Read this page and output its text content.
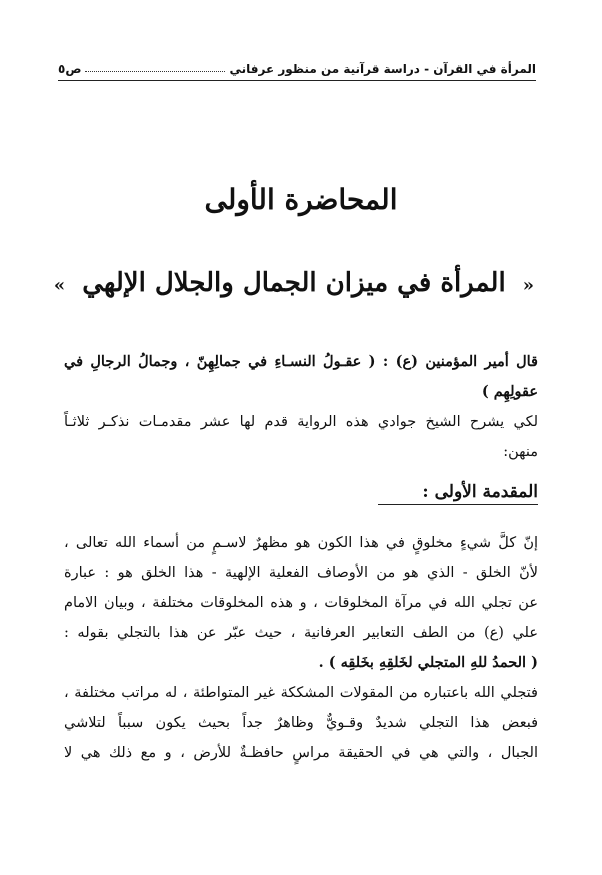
المرأة في القرآن - دراسة قرآنية من منظور عرفاني
ص٥
المحاضرة الأولى
« المرأة في ميزان الجمال والجلال الإلهي »
قال أمير المؤمنين (ع) : ( عقـولُ النسـاءِ في جمالِهِنّ ، وجمالُ الرجالِ في
عقولِهِم )
لكي يشرح الشيخ جوادي هذه الرواية قدم لها عشر مقدمـات نذكـر ثلاثـاً
منهن:
المقدمة الأولى :
إنّ كلَّ شيءٍ مخلوقٍ في هذا الكون هو مظهرٌ لاسـمٍ من أسماء الله تعالى ،
لأنّ الخلق - الذي هو من الأوصاف الفعلية الإلهية - هذا الخلق هو : عبارة
عن تجلي الله في مرآة المخلوقات ، و هذه المخلوقات مختلفة ، وبيان الامام
علي (ع) من الطف التعابير العرفانية ، حيث عبّر عن هذا بالتجلي بقوله :
( الحمدُ للهِ المتجلي لخَلقِهِ بخَلقِه ) .
فتجلي الله باعتباره من المقولات المشككة غير المتواطئة ، له مراتب مختلفة ،
فبعض هذا التجلي شديدٌ وقـويٌّ وظاهرٌ جداً بحيث يكون سبباً لتلاشي
الجبال ، والتي هي في الحقيقة مراسٍ حافظـةٌ للأرض ، و مع ذلك هي لا
